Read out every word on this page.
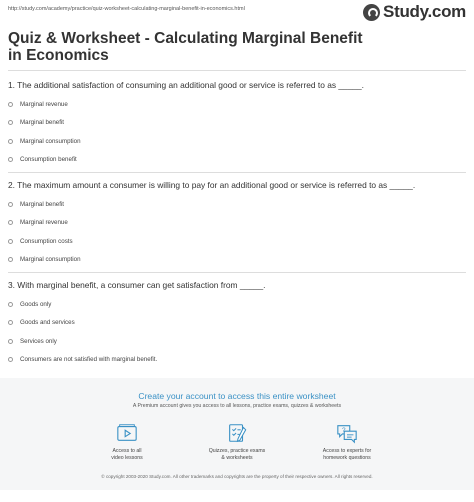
http://study.com/academy/practice/quiz-worksheet-calculating-marginal-benefit-in-economics.html	Study.com
Quiz & Worksheet - Calculating Marginal Benefit in Economics
1. The additional satisfaction of consuming an additional good or service is referred to as _____.
Marginal revenue
Marginal benefit
Marginal consumption
Consumption benefit
2. The maximum amount a consumer is willing to pay for an additional good or service is referred to as _____.
Marginal benefit
Marginal revenue
Consumption costs
Marginal consumption
3. With marginal benefit, a consumer can get satisfaction from _____.
Goods only
Goods and services
Services only
Consumers are not satisfied with marginal benefit.
Create your account to access this entire worksheet
A Premium account gives you access to all lessons, practice exams, quizzes & worksheets
Access to all
video lessons
Quizzes, practice exams
& worksheets
?
Access to experts for
homework questions
© copyright 2003-2020 Study.com. All other trademarks and copyrights are the property of their respective owners. All rights reserved.
